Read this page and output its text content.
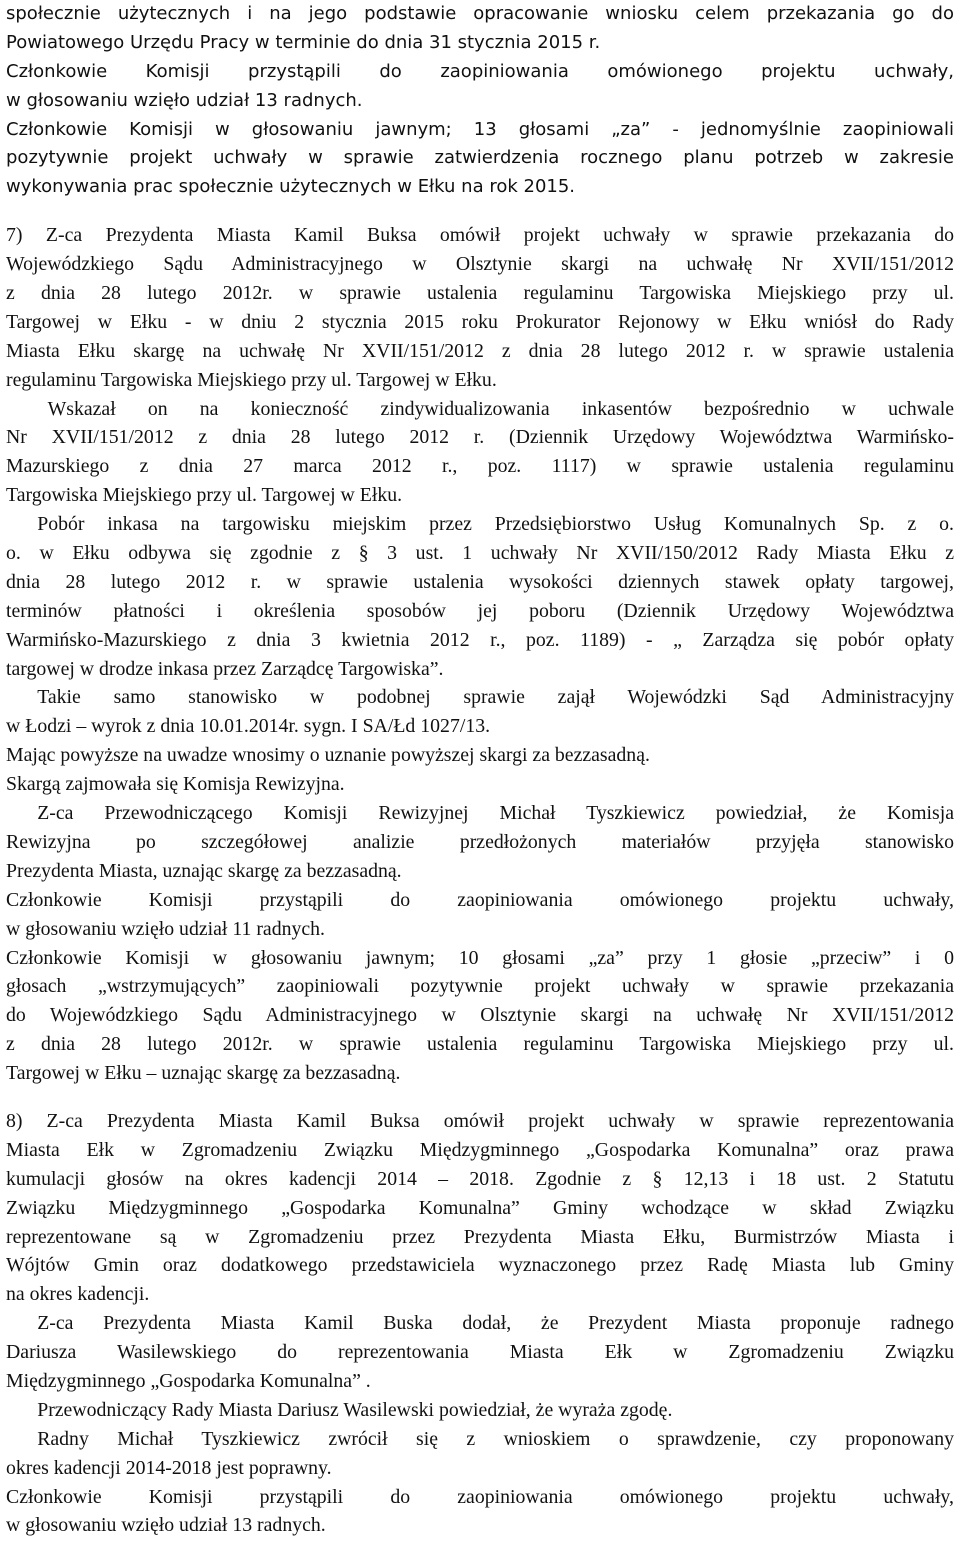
społecznie użytecznych i na jego podstawie opracowanie wniosku celem przekazania go do
Powiatowego Urzędu Pracy w terminie do dnia 31 stycznia 2015 r.
Członkowie Komisji przystąpili do zaopiniowania omówionego projektu uchwały,
w głosowaniu wzięło udział 13 radnych.
Członkowie Komisji w głosowaniu jawnym; 13 głosami „za” - jednomyślnie zaopiniowali
pozytywnie projekt uchwały w sprawie zatwierdzenia rocznego planu potrzeb w zakresie
wykonywania prac społecznie użytecznych w Ełku na rok 2015.
7) Z-ca Prezydenta Miasta Kamil Buksa omówił projekt uchwały w sprawie przekazania do
Wojewódzkiego Sądu Administracyjnego w Olsztynie skargi na uchwałę Nr XVII/151/2012
z dnia 28 lutego 2012r. w sprawie ustalenia regulaminu Targowiska Miejskiego przy ul.
Targowej w Ełku - w dniu 2 stycznia 2015 roku Prokurator Rejonowy w Ełku wniósł do Rady
Miasta Ełku skargę na uchwałę Nr XVII/151/2012 z dnia 28 lutego 2012 r. w sprawie ustalenia
regulaminu Targowiska Miejskiego przy ul. Targowej w Ełku.
Wskazał on na konieczność zindywidualizowania inkasentów bezpośrednio w uchwale
Nr XVII/151/2012 z dnia 28 lutego 2012 r. (Dziennik Urzędowy Województwa Warmińsko-
Mazurskiego z dnia 27 marca 2012 r., poz. 1117) w sprawie ustalenia regulaminu
Targowiska Miejskiego przy ul. Targowej w Ełku.
Pobór inkasa na targowisku miejskim przez Przedsiębiorstwo Usług Komunalnych Sp. z o.
o. w Ełku odbywa się zgodnie z § 3 ust. 1 uchwały Nr XVII/150/2012 Rady Miasta Ełku z
dnia 28 lutego 2012 r. w sprawie ustalenia wysokości dziennych stawek opłaty targowej,
terminów płatności i określenia sposobów jej poboru (Dziennik Urzędowy Województwa
Warmińsko-Mazurskiego z dnia 3 kwietnia 2012 r., poz. 1189) - „ Zarządza się pobór opłaty
targowej w drodze inkasa przez Zarządcę Targowiska”.
Takie samo stanowisko w podobnej sprawie zajął Wojewódzki Sąd Administracyjny
w Łodzi – wyrok z dnia 10.01.2014r. sygn. I SA/Łd 1027/13.
Mając powyższe na uwadze wnosimy o uznanie powyższej skargi za bezzasadną.
Skargą zajmowała się Komisja Rewizyjna.
Z-ca Przewodniczącego Komisji Rewizyjnej Michał Tyszkiewicz powiedział, że Komisja
Rewizyjna po szczegółowej analizie przedłożonych materiałów przyjęła stanowisko
Prezydenta Miasta, uznając skargę za bezzasadną.
Członkowie Komisji przystąpili do zaopiniowania omówionego projektu uchwały,
w głosowaniu wzięło udział 11 radnych.
Członkowie Komisji w głosowaniu jawnym; 10 głosami „za” przy 1 głosie „przeciw” i 0
głosach „wstrzymujących” zaopiniowali pozytywnie projekt uchwały w sprawie przekazania
do Wojewódzkiego Sądu Administracyjnego w Olsztynie skargi na uchwałę Nr XVII/151/2012
z dnia 28 lutego 2012r. w sprawie ustalenia regulaminu Targowiska Miejskiego przy ul.
Targowej w Ełku – uznając skargę za bezzasadną.
8) Z-ca Prezydenta Miasta Kamil Buksa omówił projekt uchwały w sprawie reprezentowania
Miasta Ełk w Zgromadzeniu Związku Międzygminnego „Gospodarka Komunalna” oraz prawa
kumulacji głosów na okres kadencji 2014 – 2018. Zgodnie z § 12,13 i 18 ust. 2 Statutu
Związku Międzygminnego „Gospodarka Komunalna” Gminy wchodzące w skład Związku
reprezentowane są w Zgromadzeniu przez Prezydenta Miasta Ełku, Burmistrzów Miasta i
Wójtów Gmin oraz dodatkowego przedstawiciela wyznaczonego przez Radę Miasta lub Gminy
na okres kadencji.
Z-ca Prezydenta Miasta Kamil Buska dodał, że Prezydent Miasta proponuje radnego
Dariusza Wasilewskiego do reprezentowania Miasta Ełk w Zgromadzeniu Związku
Międzygminnego „Gospodarka Komunalna” .
Przewodniczący Rady Miasta Dariusz Wasilewski powiedział, że wyraża zgodę.
Radny Michał Tyszkiewicz zwrócił się z wnioskiem o sprawdzenie, czy proponowany
okres kadencji 2014-2018 jest poprawny.
Członkowie Komisji przystąpili do zaopiniowania omówionego projektu uchwały,
w głosowaniu wzięło udział 13 radnych.
